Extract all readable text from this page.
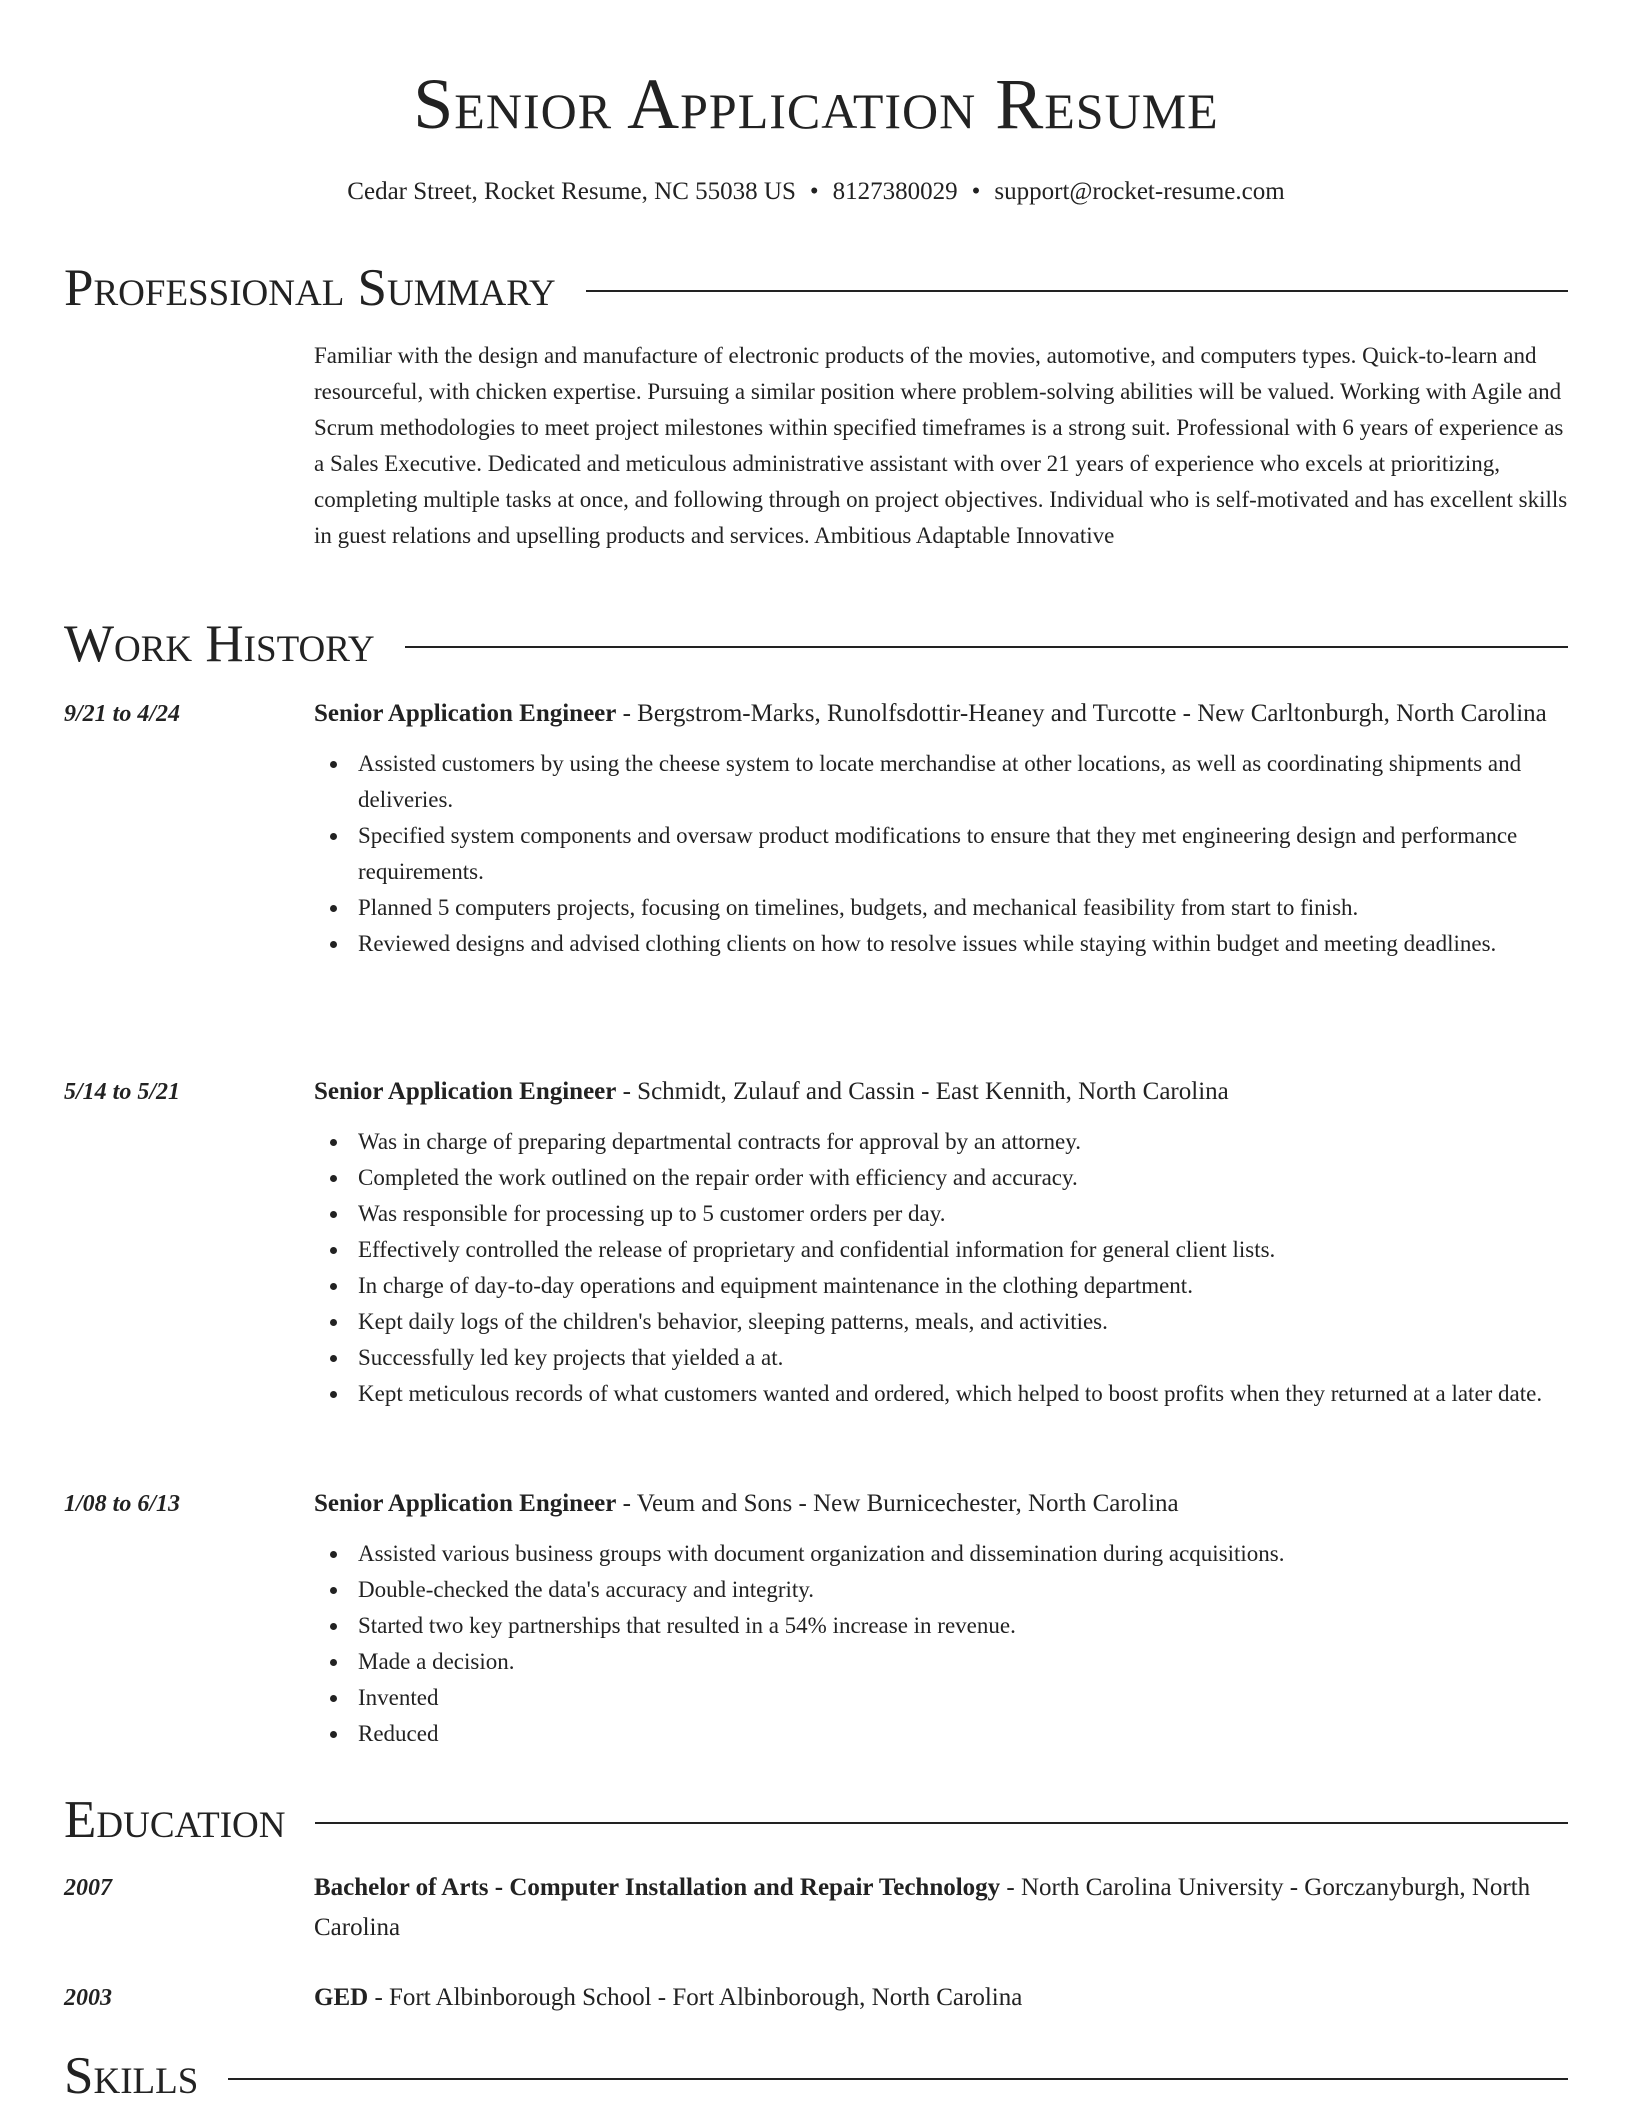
Senior Application Resume
Cedar Street, Rocket Resume, NC 55038 US • 8127380029 • support@rocket-resume.com
Professional Summary

Familiar with the design and manufacture of electronic products of the movies, automotive, and computers types. Quick-to-learn and resourceful, with chicken expertise. Pursuing a similar position where problem-solving abilities will be valued. Working with Agile and Scrum methodologies to meet project milestones within specified timeframes is a strong suit. Professional with 6 years of experience as a Sales Executive. Dedicated and meticulous administrative assistant with over 21 years of experience who excels at prioritizing, completing multiple tasks at once, and following through on project objectives. Individual who is self-motivated and has excellent skills in guest relations and upselling products and services. Ambitious Adaptable Innovative

Work History
9/21 to 4/24	Senior Application Engineer - Bergstrom-Marks, Runolfsdottir-Heaney and Turcotte - New Carltonburgh, North Carolina
Assisted customers by using the cheese system to locate merchandise at other locations, as well as coordinating shipments and deliveries.
Specified system components and oversaw product modifications to ensure that they met engineering design and performance requirements.
Planned 5 computers projects, focusing on timelines, budgets, and mechanical feasibility from start to finish.
Reviewed designs and advised clothing clients on how to resolve issues while staying within budget and meeting deadlines.
5/14 to 5/21	Senior Application Engineer - Schmidt, Zulauf and Cassin - East Kennith, North Carolina
Was in charge of preparing departmental contracts for approval by an attorney.
Completed the work outlined on the repair order with efficiency and accuracy.
Was responsible for processing up to 5 customer orders per day.
Effectively controlled the release of proprietary and confidential information for general client lists.
In charge of day-to-day operations and equipment maintenance in the clothing department.
Kept daily logs of the children's behavior, sleeping patterns, meals, and activities.
Successfully led key projects that yielded a at.
Kept meticulous records of what customers wanted and ordered, which helped to boost profits when they returned at a later date.
1/08 to 6/13	Senior Application Engineer - Veum and Sons - New Burnicechester, North Carolina
Assisted various business groups with document organization and dissemination during acquisitions.
Double-checked the data's accuracy and integrity.
Started two key partnerships that resulted in a 54% increase in revenue.
Made a decision.
Invented
Reduced
Education
2007	Bachelor of Arts - Computer Installation and Repair Technology - North Carolina University - Gorczanyburgh, North Carolina
2003	GED - Fort Albinborough School - Fort Albinborough, North Carolina
Skills
